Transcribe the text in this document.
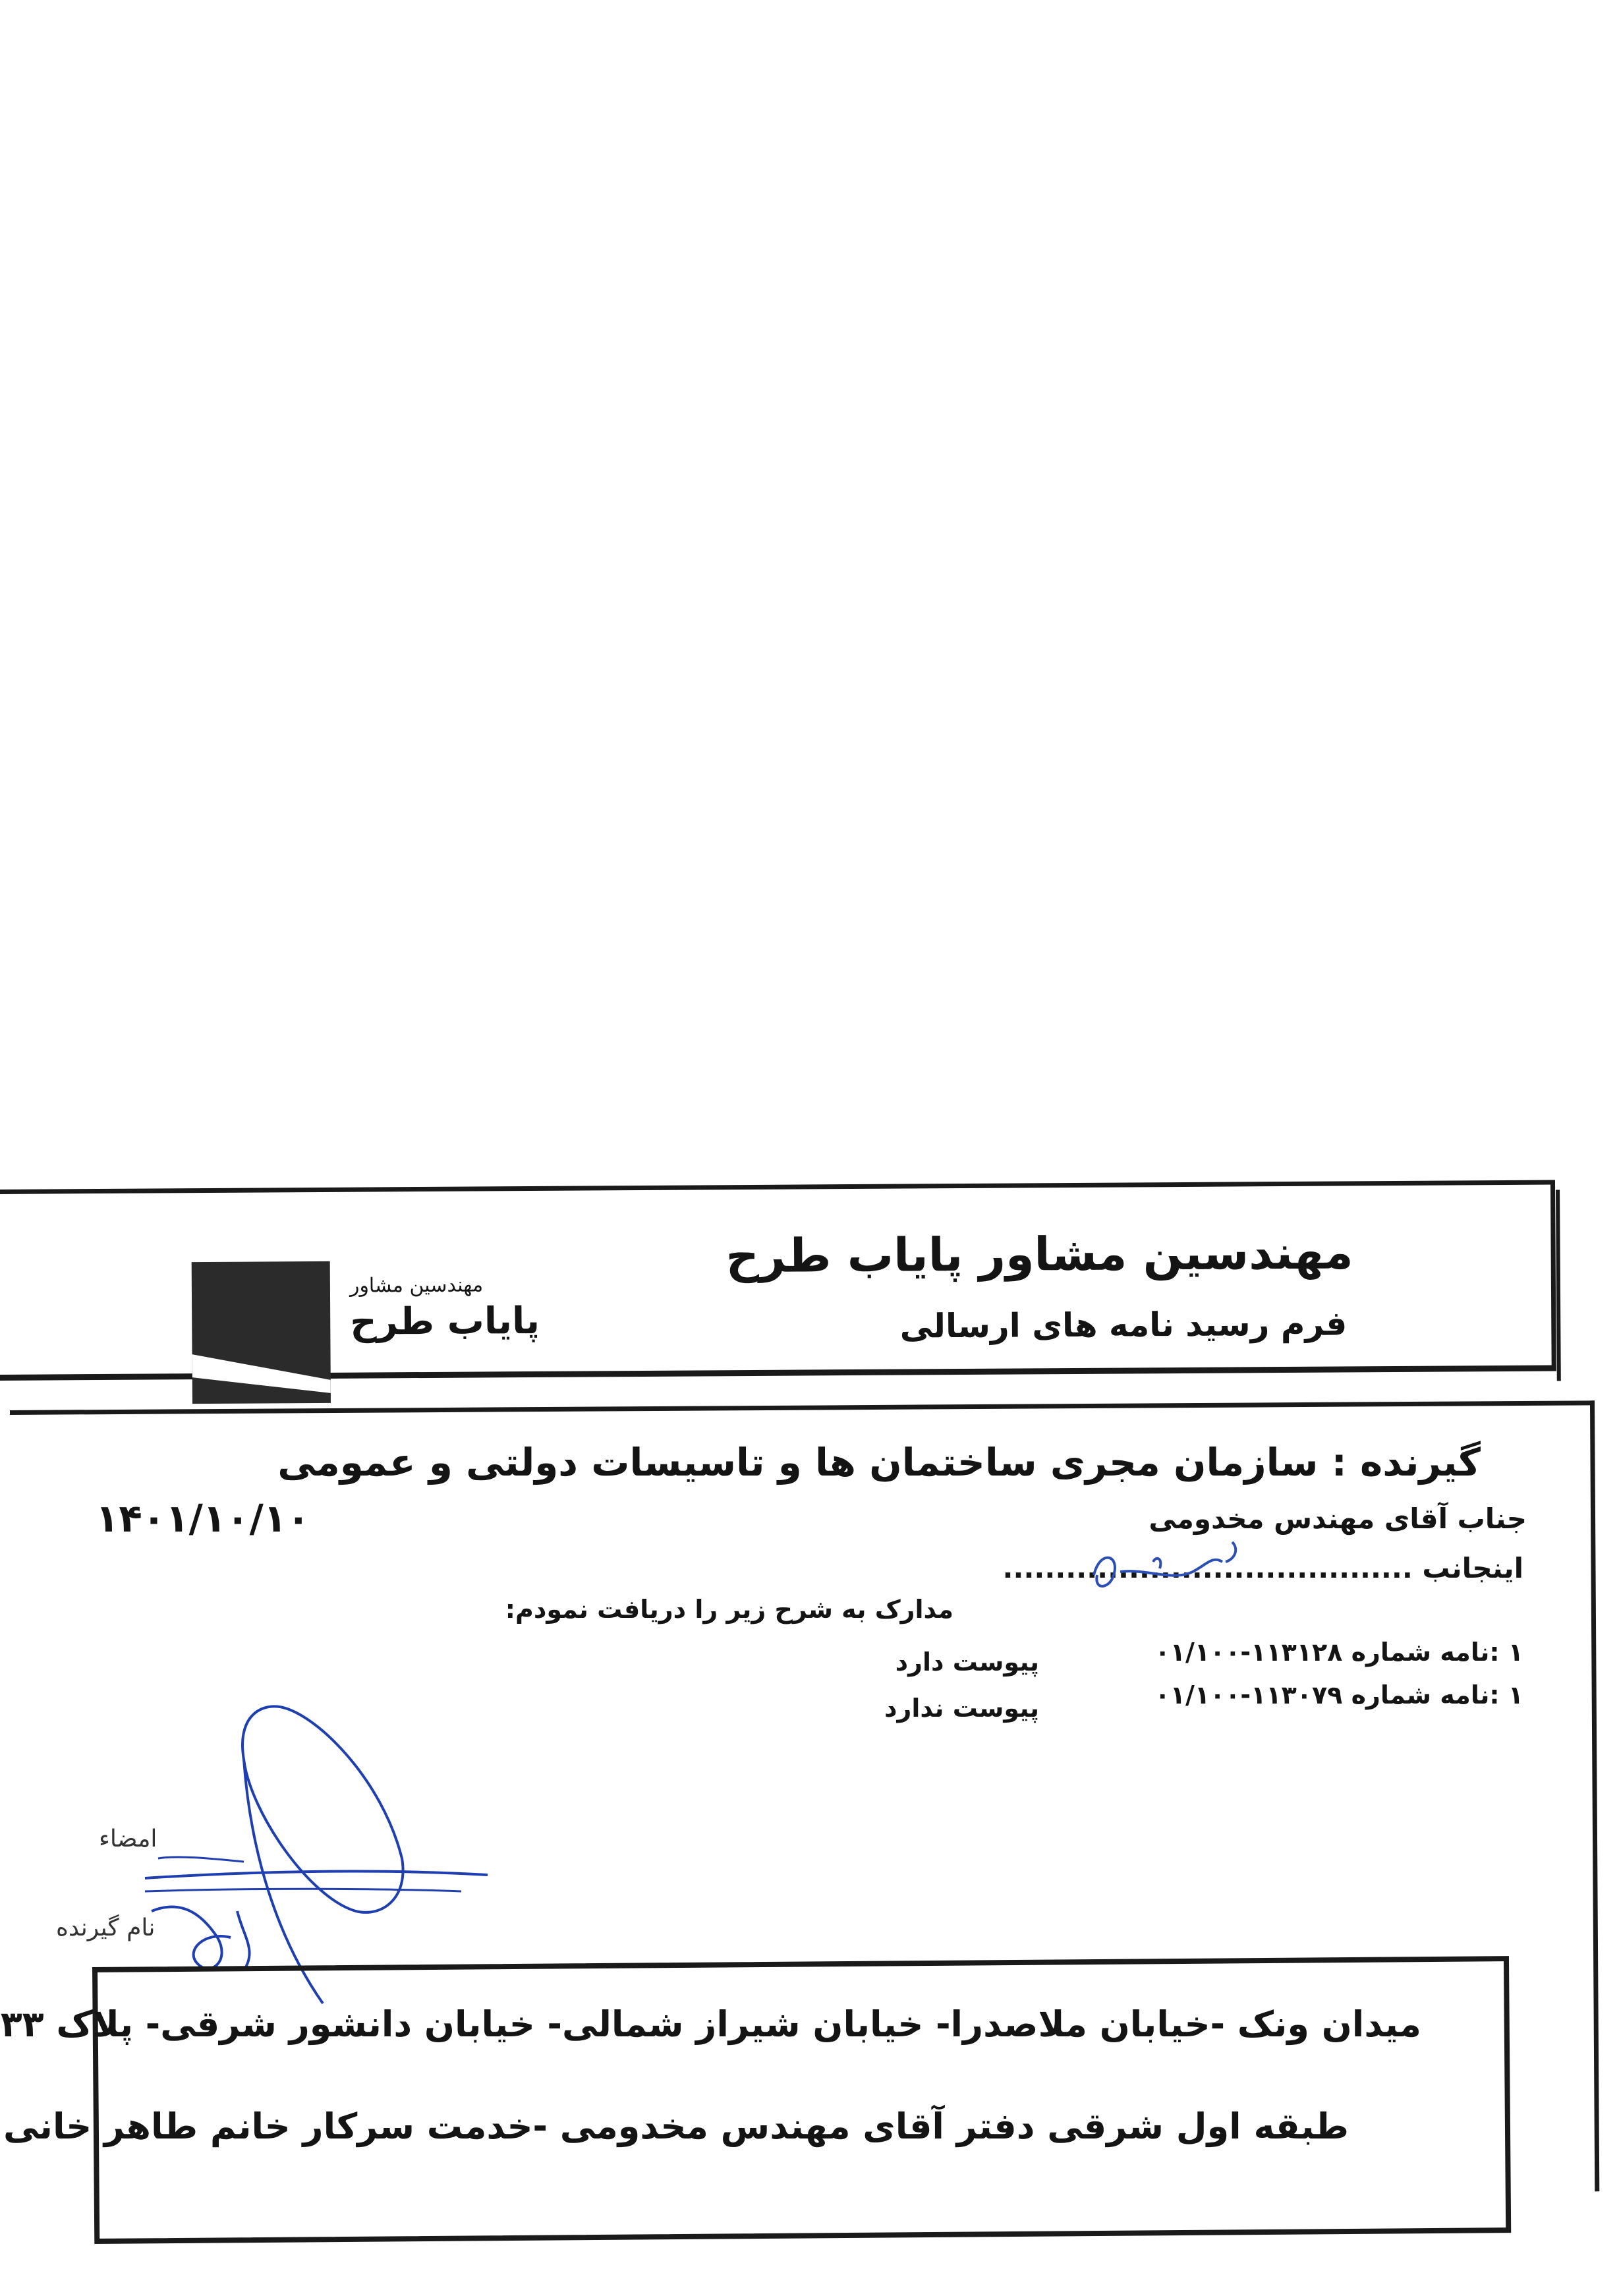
مهندسین مشاور پایاب طرح
فرم رسید نامه های ارسالی
مهندسین مشاور
پایاب طرح
گیرنده : سازمان مجری ساختمان ها و تاسیسات دولتی و عمومی
۱۴۰۱/۱۰/۱۰	جناب آقای مهندس مخدومی
اینجانب .......................................
مدارک به شرح زیر را دریافت نمودم:
۱ :نامه شماره ۱۱۳۱۲۸-۰۱/۱۰۰
پیوست دارد
۱ :نامه شماره ۱۱۳۰۷۹-۰۱/۱۰۰
پیوست ندارد
امضاء
نام گیرنده
میدان ونک -خیابان ملاصدرا- خیابان شیراز شمالی- خیابان دانشور شرقی- پلاک ۳۳
طبقه اول شرقی دفتر آقای مهندس مخدومی -خدمت سرکار خانم طاهر خانی
